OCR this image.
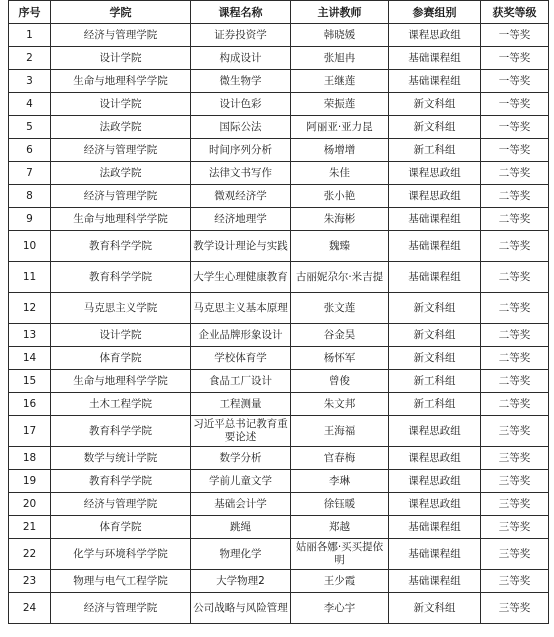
序号	学院	课程名称	主讲教师	参赛组别	获奖等级
1	经济与管理学院	证券投资学	韩晓媛	课程思政组	一等奖
2	设计学院	构成设计	张旭冉	基础课程组	一等奖
3	生命与地理科学学院	微生物学	王继莲	基础课程组	一等奖
4	设计学院	设计色彩	荣振莲	新文科组	一等奖
5	法政学院	国际公法	阿丽亚·亚力昆	新文科组	一等奖
6	经济与管理学院	时间序列分析	杨增增	新工科组	一等奖
7	法政学院	法律文书写作	朱佳	课程思政组	二等奖
8	经济与管理学院	微观经济学	张小艳	课程思政组	二等奖
9	生命与地理科学学院	经济地理学	朱海彬	基础课程组	二等奖
10	教育科学学院	教学设计理论与实践	魏臻	基础课程组	二等奖
11	教育科学学院	大学生心理健康教育	古丽妮尕尔·米吉提	基础课程组	二等奖
12	马克思主义学院	马克思主义基本原理	张文莲	新文科组	二等奖
13	设计学院	企业品牌形象设计	谷金昊	新文科组	二等奖
14	体育学院	学校体育学	杨怀军	新文科组	二等奖
15	生命与地理科学学院	食品工厂设计	曾俊	新工科组	二等奖
16	土木工程学院	工程测量	朱文邦	新工科组	二等奖
17	教育科学学院	习近平总书记教育重要论述	王海福	课程思政组	三等奖
18	数学与统计学院	数学分析	官春梅	课程思政组	三等奖
19	教育科学学院	学前儿童文学	李琳	课程思政组	三等奖
20	经济与管理学院	基础会计学	徐钰暖	课程思政组	三等奖
21	体育学院	跳绳	郑越	基础课程组	三等奖
22	化学与环境科学学院	物理化学	姑丽各娜·买买提依明	基础课程组	三等奖
23	物理与电气工程学院	大学物理2	王少霞	基础课程组	三等奖
24	经济与管理学院	公司战略与风险管理	李心宇	新文科组	三等奖
